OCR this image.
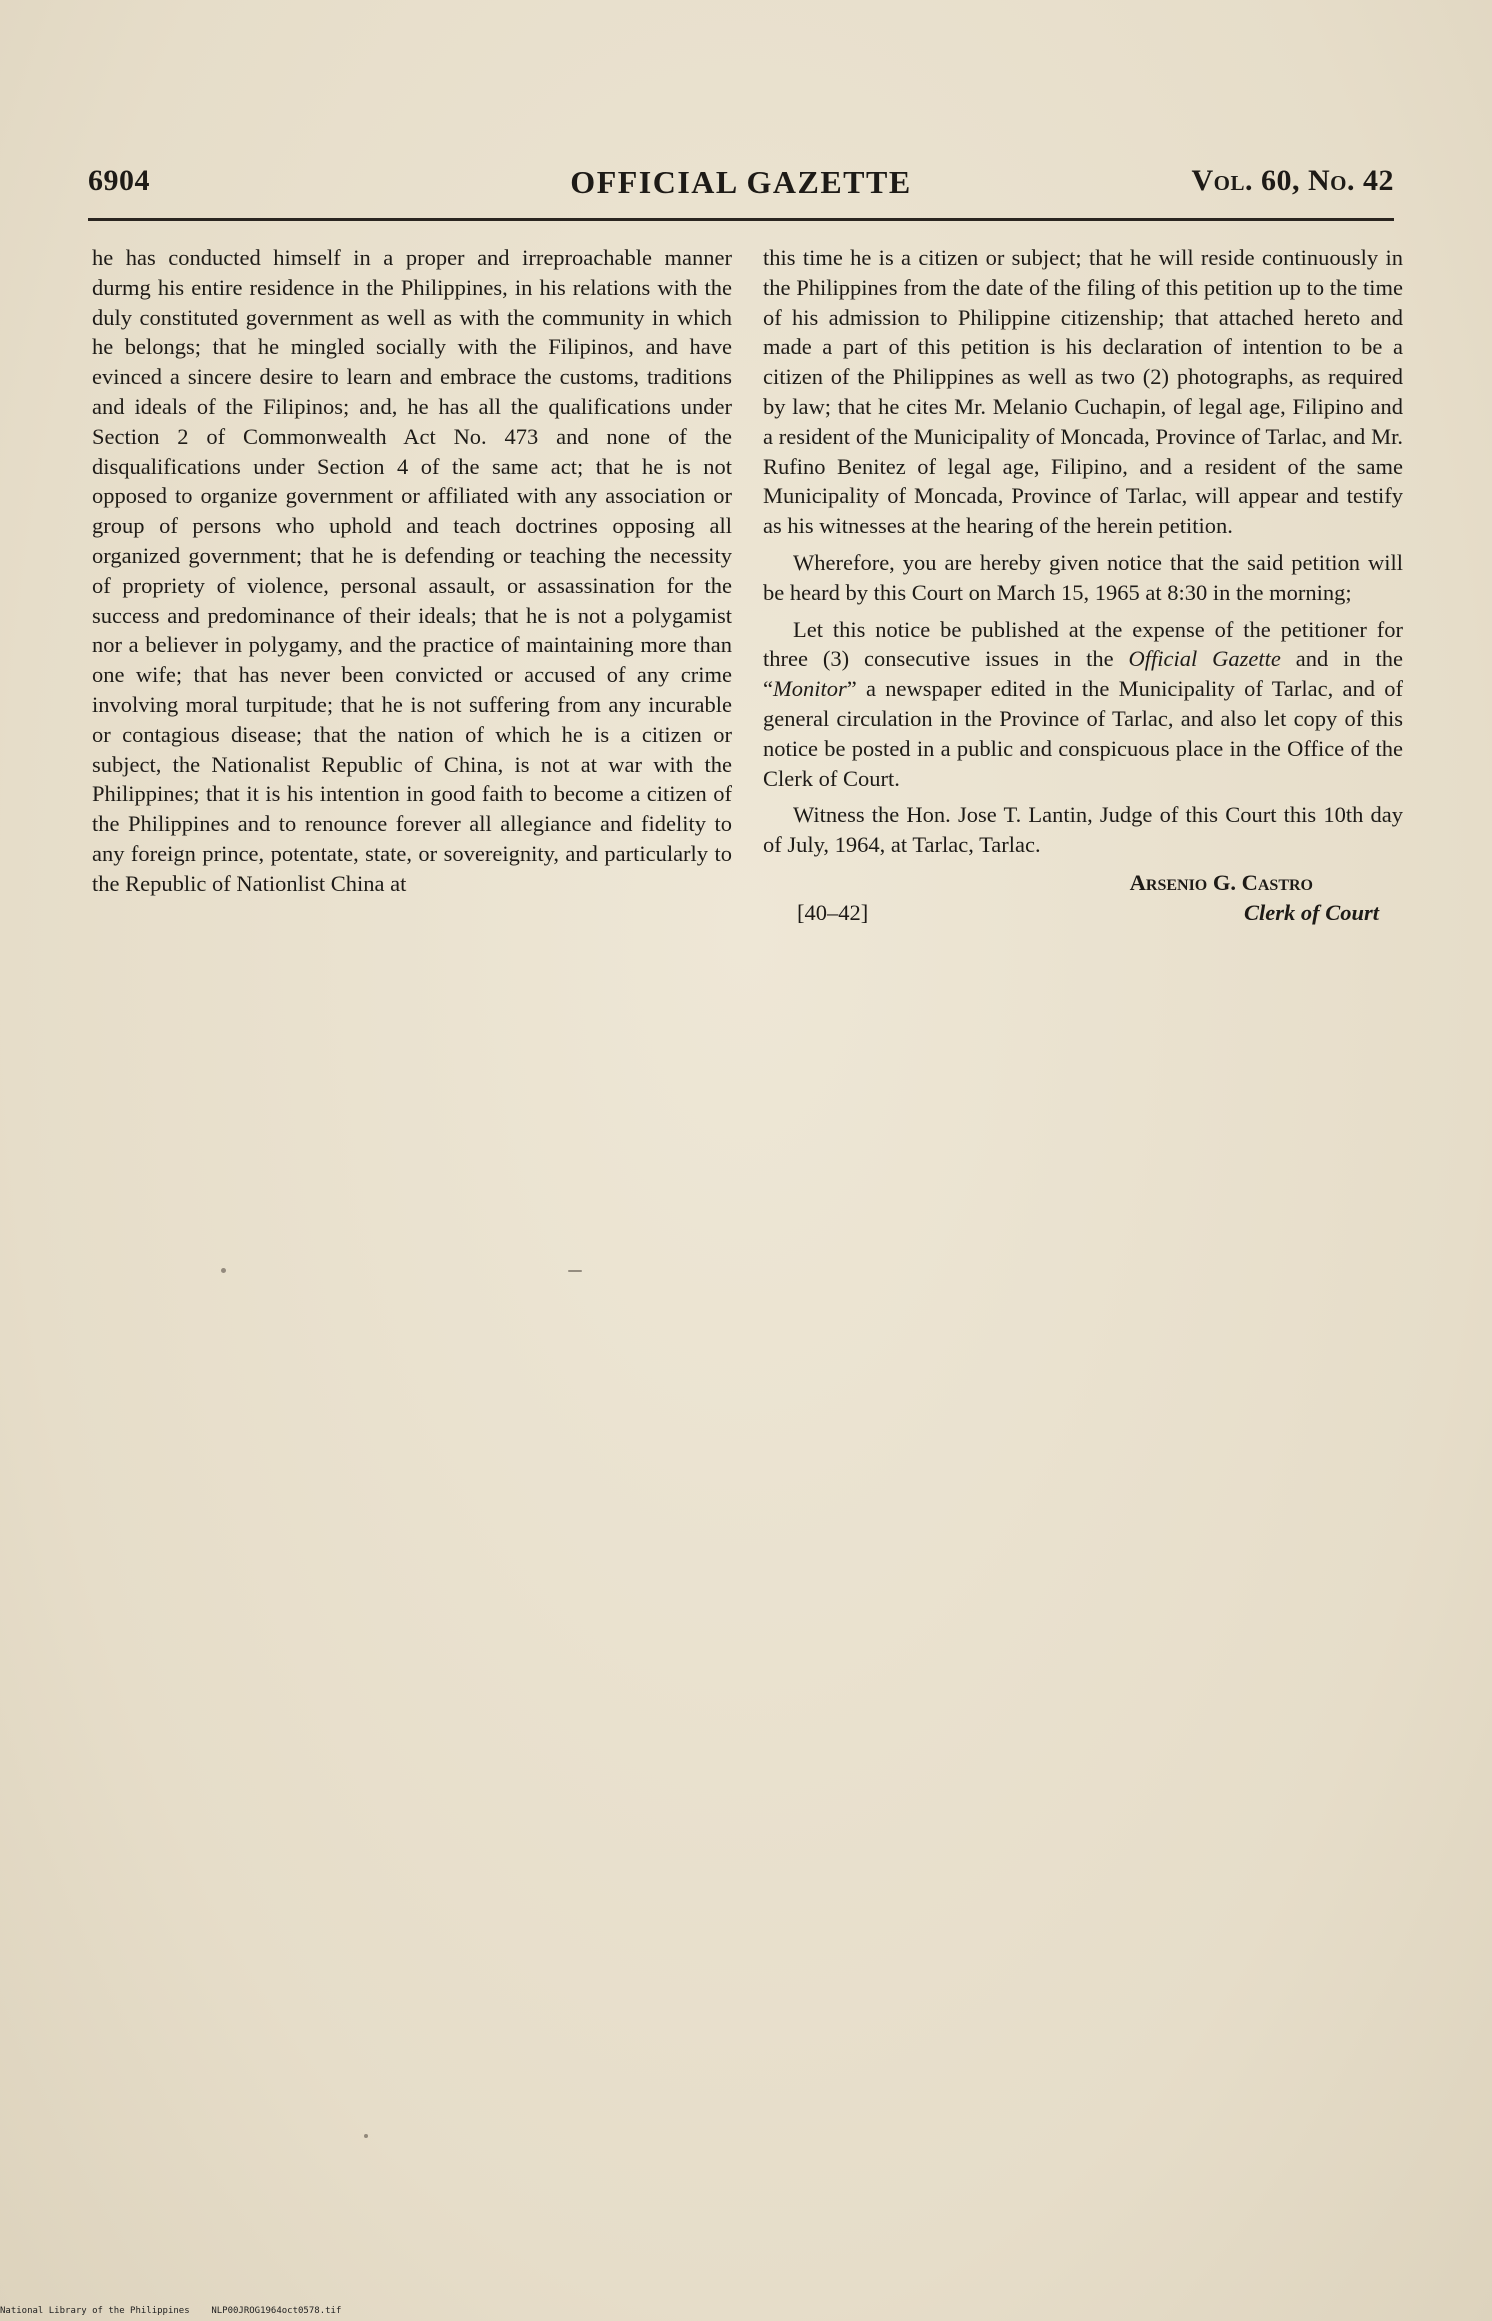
6904	OFFICIAL GAZETTE	Vol. 60, No. 42

he has conducted himself in a proper and irreproachable manner durmg his entire residence in the Philippines, in his relations with the duly constituted government as well as with the community in which he belongs; that he mingled socially with the Filipinos, and have evinced a sincere desire to learn and embrace the customs, traditions and ideals of the Filipinos; and, he has all the qualifications under Section 2 of Commonwealth Act No. 473 and none of the disqualifications under Section 4 of the same act; that he is not opposed to organize government or affiliated with any association or group of persons who uphold and teach doctrines opposing all organized government; that he is defending or teaching the necessity of propriety of violence, personal assault, or assassination for the success and predominance of their ideals; that he is not a polygamist nor a believer in polygamy, and the practice of maintaining more than one wife; that has never been convicted or accused of any crime involving moral turpitude; that he is not suffering from any incurable or contagious disease; that the nation of which he is a citizen or subject, the Nationalist Republic of China, is not at war with the Philippines; that it is his intention in good faith to become a citizen of the Philippines and to renounce forever all allegiance and fidelity to any foreign prince, potentate, state, or sovereignity, and particularly to the Republic of Nationlist China at

this time he is a citizen or subject; that he will reside continuously in the Philippines from the date of the filing of this petition up to the time of his admission to Philippine citizenship; that attached hereto and made a part of this petition is his declaration of intention to be a citizen of the Philippines as well as two (2) photographs, as required by law; that he cites Mr. Melanio Cuchapin, of legal age, Filipino and a resident of the Municipality of Moncada, Province of Tarlac, and Mr. Rufino Benitez of legal age, Filipino, and a resident of the same Municipality of Moncada, Province of Tarlac, will appear and testify as his witnesses at the hearing of the herein petition.

Wherefore, you are hereby given notice that the said petition will be heard by this Court on March 15, 1965 at 8:30 in the morning;

Let this notice be published at the expense of the petitioner for three (3) consecutive issues in the Official Gazette and in the “Monitor” a newspaper edited in the Municipality of Tarlac, and of general circulation in the Province of Tarlac, and also let copy of this notice be posted in a public and conspicuous place in the Office of the Clerk of Court.

Witness the Hon. Jose T. Lantin, Judge of this Court this 10th day of July, 1964, at Tarlac, Tarlac.

Arsenio G. Castro
[40–42]	Clerk of Court
National Library of the Philippines    NLP00JROG1964oct0578.tif
